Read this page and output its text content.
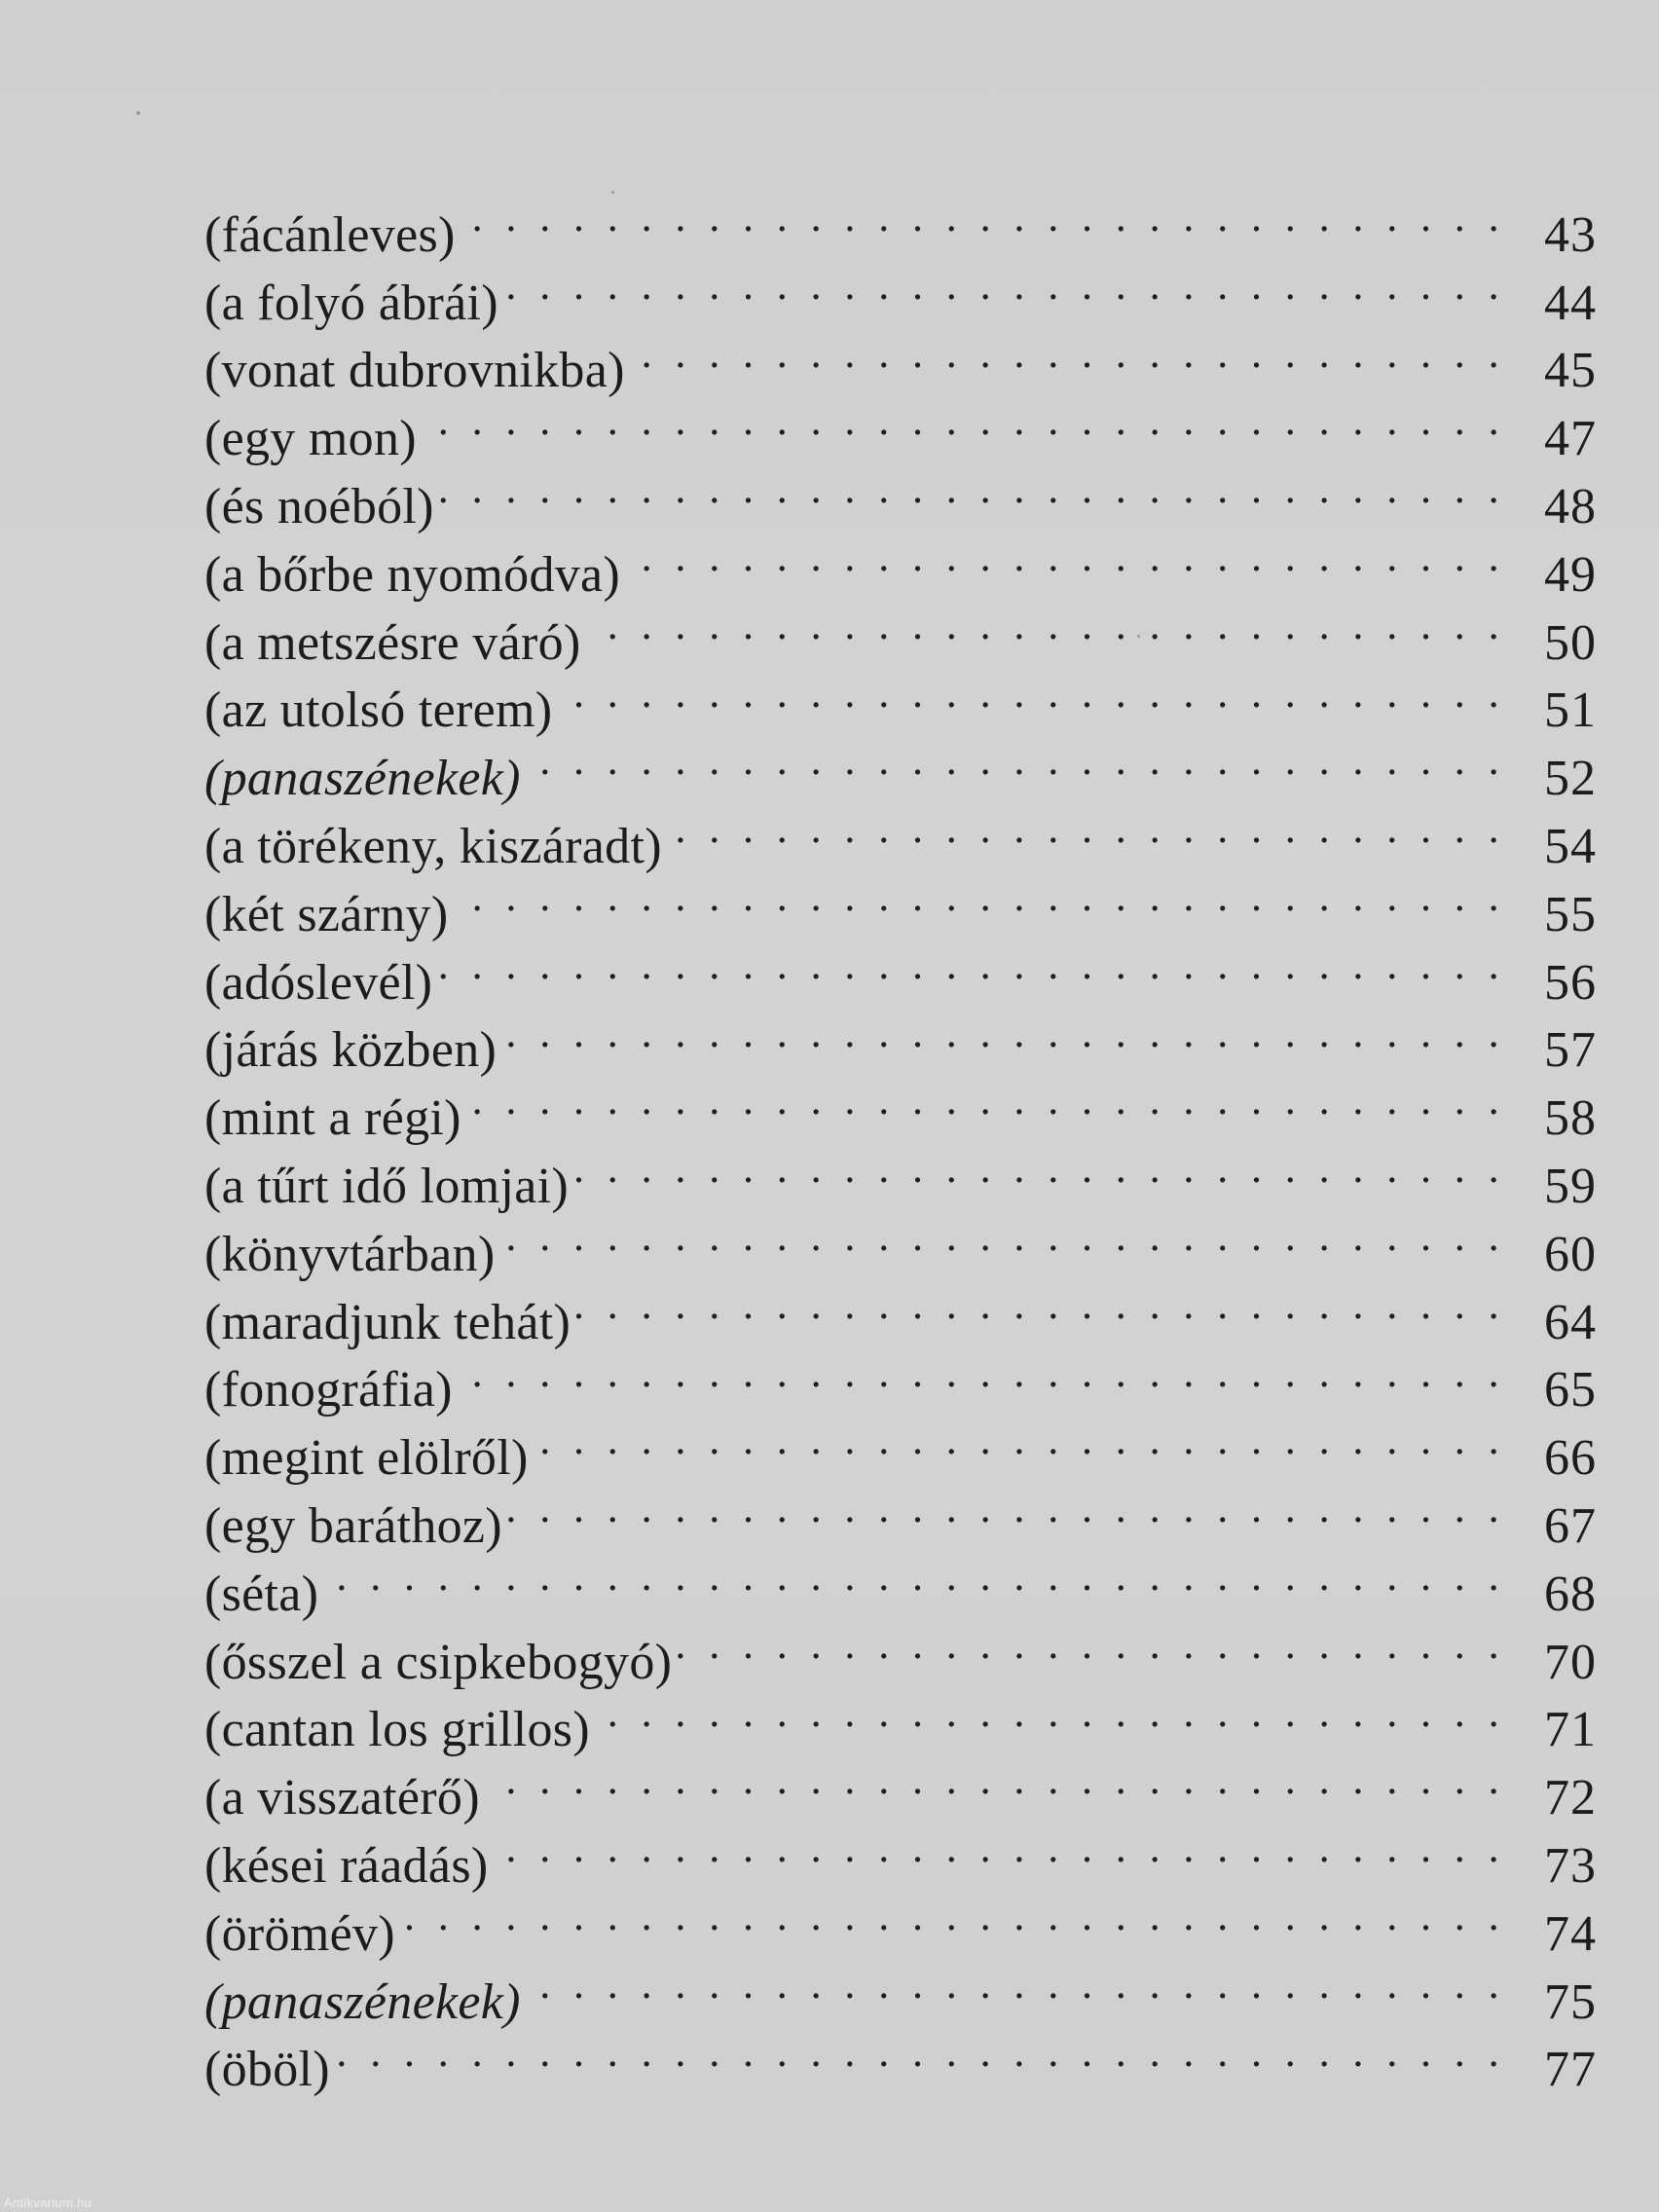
(fácánleves) . . .	43
(a folyó ábrái) . . .	44
(vonat dubrovnikba) . . .	45
(egy mon) . . .	47
(és noéból) . . .	48
(a bőrbe nyomódva) . . .	49
(a metszésre váró) . . .	50
(az utolsó terem) . . .	51
(panaszénekek) . . .	52
(a törékeny, kiszáradt) . . .	54
(két szárny) . . .	55
(adóslevél) . . .	56
(járás közben) . . .	57
(mint a régi) . . .	58
(a tűrt idő lomjai) . . .	59
(könyvtárban) . . .	60
(maradjunk tehát) . . .	64
(fonográfia) . . .	65
(megint elölről) . . .	66
(egy baráthoz) . . .	67
(séta) . . .	68
(ősszel a csipkebogyó) . . .	70
(cantan los grillos) . . .	71
(a visszatérő) . . .	72
(kései ráadás) . . .	73
(örömév) . . .	74
(panaszénekek) . . .	75
(öböl) . . .	77
Antikvarium.hu
